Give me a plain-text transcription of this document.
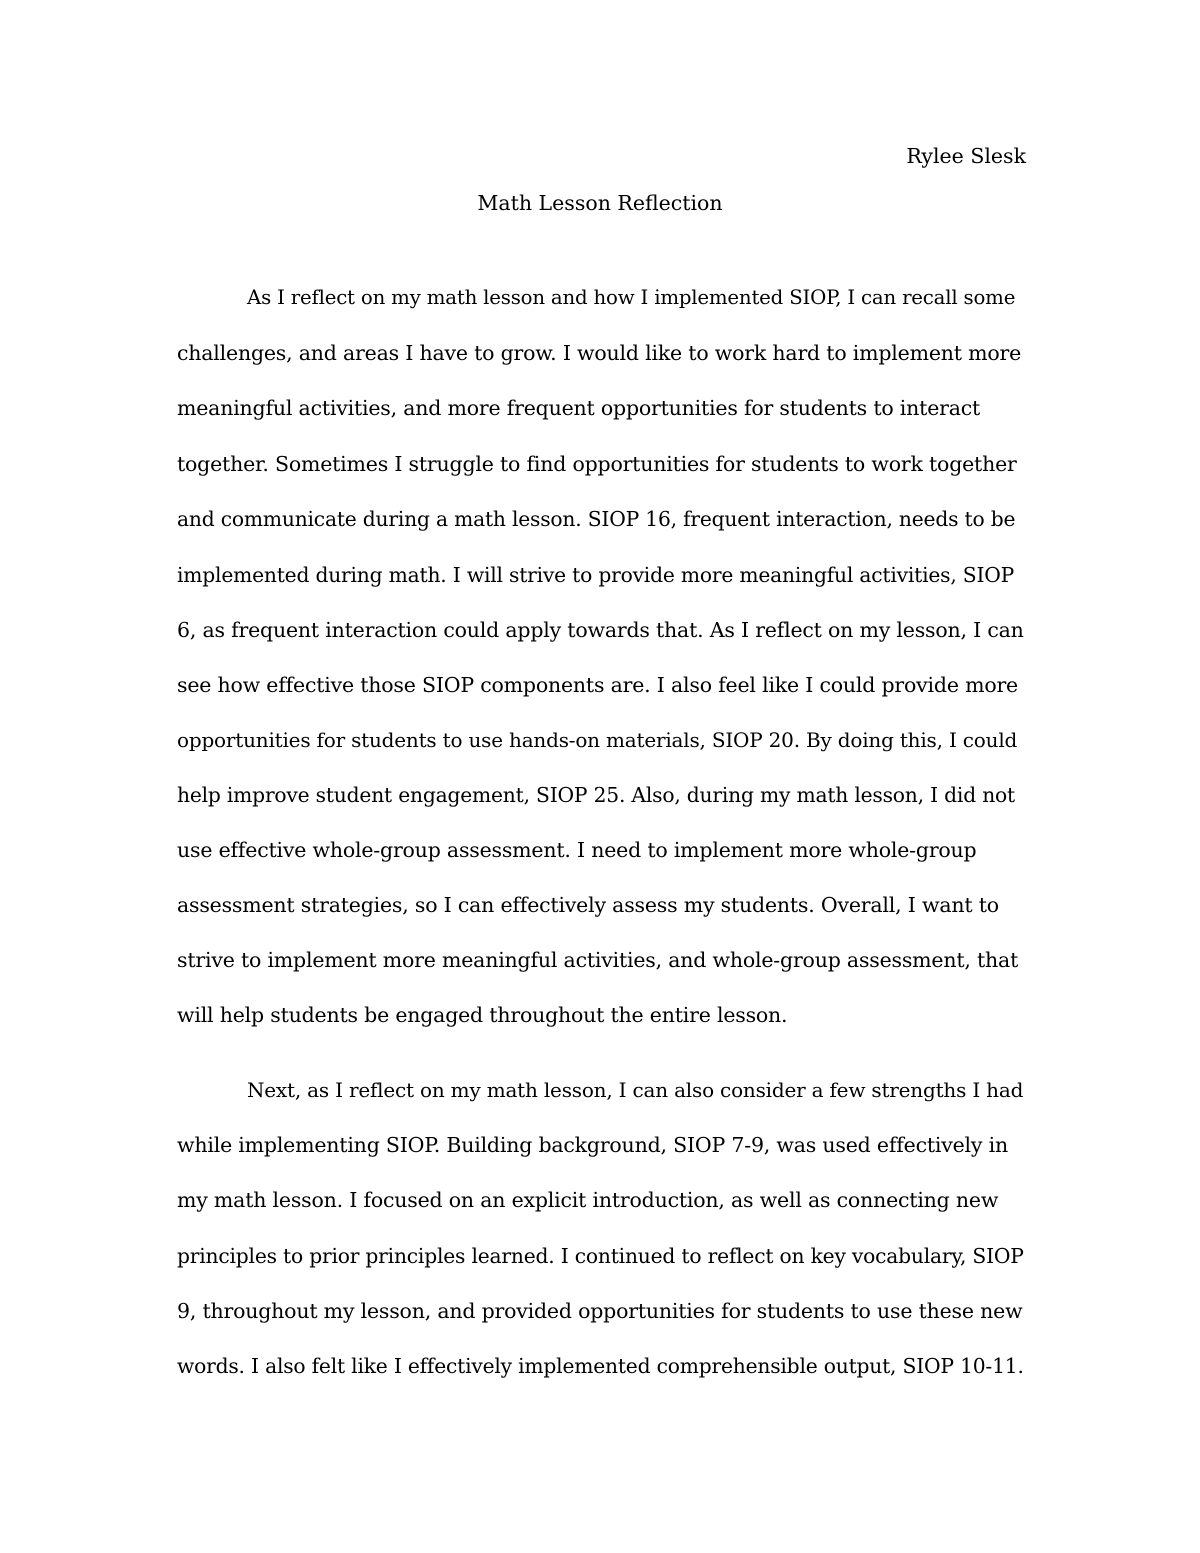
Rylee Slesk
Math Lesson Reflection
As I reflect on my math lesson and how I implemented SIOP, I can recall some
challenges, and areas I have to grow. I would like to work hard to implement more
meaningful activities, and more frequent opportunities for students to interact
together. Sometimes I struggle to find opportunities for students to work together
and communicate during a math lesson. SIOP 16, frequent interaction, needs to be
implemented during math. I will strive to provide more meaningful activities, SIOP
6, as frequent interaction could apply towards that. As I reflect on my lesson, I can
see how effective those SIOP components are. I also feel like I could provide more
opportunities for students to use hands-on materials, SIOP 20. By doing this, I could
help improve student engagement, SIOP 25. Also, during my math lesson, I did not
use effective whole-group assessment. I need to implement more whole-group
assessment strategies, so I can effectively assess my students. Overall, I want to
strive to implement more meaningful activities, and whole-group assessment, that
will help students be engaged throughout the entire lesson.
Next, as I reflect on my math lesson, I can also consider a few strengths I had
while implementing SIOP. Building background, SIOP 7-9, was used effectively in
my math lesson. I focused on an explicit introduction, as well as connecting new
principles to prior principles learned. I continued to reflect on key vocabulary, SIOP
9, throughout my lesson, and provided opportunities for students to use these new
words. I also felt like I effectively implemented comprehensible output, SIOP 10-11.
